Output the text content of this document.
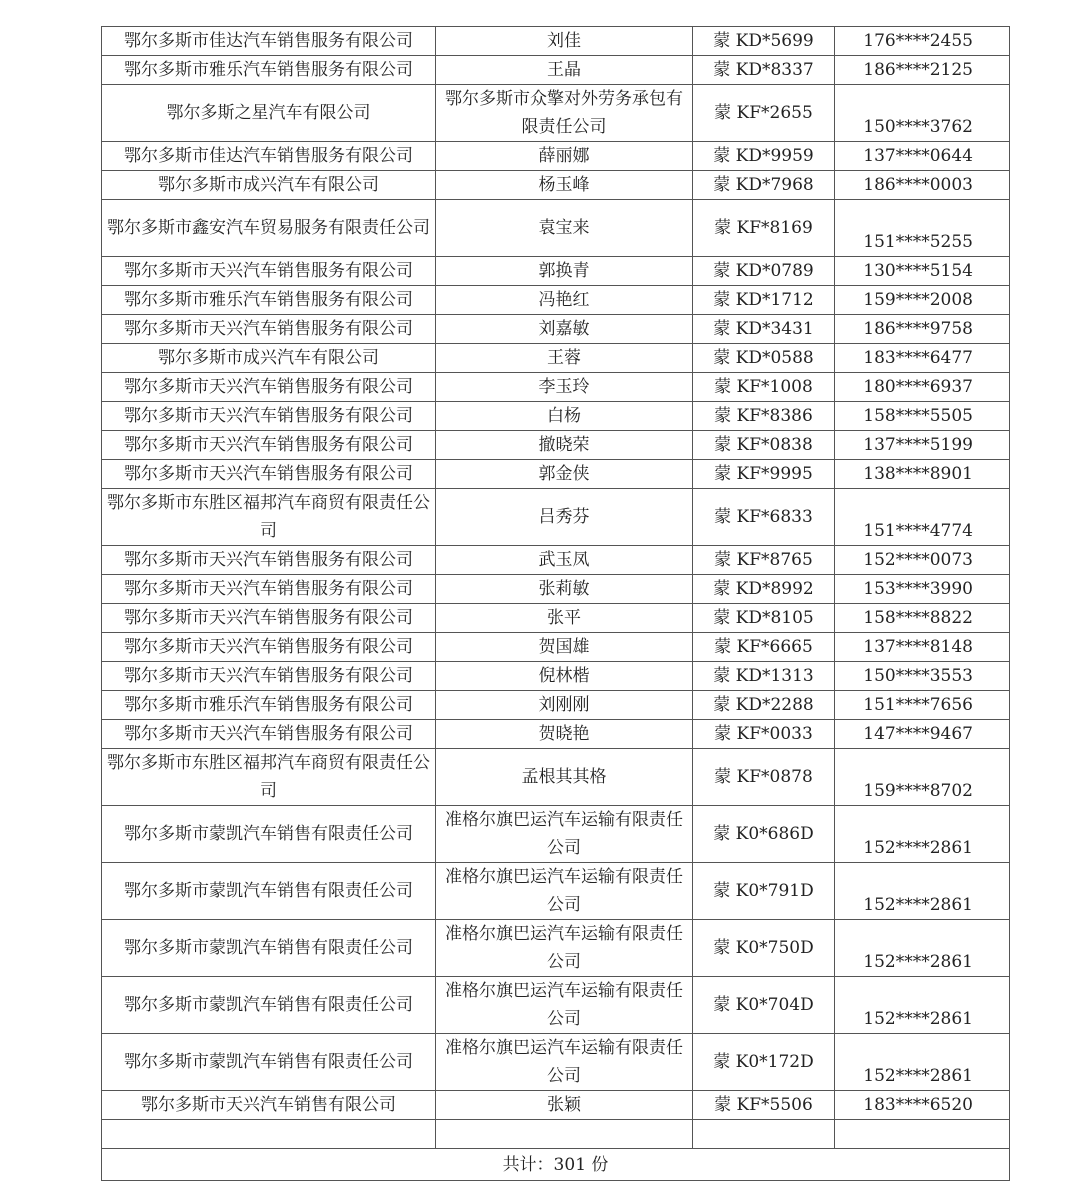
鄂尔多斯市佳达汽车销售服务有限公司	刘佳	蒙 KD*5699	176****2455
鄂尔多斯市雅乐汽车销售服务有限公司	王晶	蒙 KD*8337	186****2125
鄂尔多斯之星汽车有限公司	鄂尔多斯市众擎对外劳务承包有限责任公司	蒙 KF*2655	150****3762
鄂尔多斯市佳达汽车销售服务有限公司	薛丽娜	蒙 KD*9959	137****0644
鄂尔多斯市成兴汽车有限公司	杨玉峰	蒙 KD*7968	186****0003
鄂尔多斯市鑫安汽车贸易服务有限责任公司	袁宝来	蒙 KF*8169	151****5255
鄂尔多斯市天兴汽车销售服务有限公司	郭换青	蒙 KD*0789	130****5154
鄂尔多斯市雅乐汽车销售服务有限公司	冯艳红	蒙 KD*1712	159****2008
鄂尔多斯市天兴汽车销售服务有限公司	刘嘉敏	蒙 KD*3431	186****9758
鄂尔多斯市成兴汽车有限公司	王蓉	蒙 KD*0588	183****6477
鄂尔多斯市天兴汽车销售服务有限公司	李玉玲	蒙 KF*1008	180****6937
鄂尔多斯市天兴汽车销售服务有限公司	白杨	蒙 KF*8386	158****5505
鄂尔多斯市天兴汽车销售服务有限公司	撤晓荣	蒙 KF*0838	137****5199
鄂尔多斯市天兴汽车销售服务有限公司	郭金侠	蒙 KF*9995	138****8901
鄂尔多斯市东胜区福邦汽车商贸有限责任公司	吕秀芬	蒙 KF*6833	151****4774
鄂尔多斯市天兴汽车销售服务有限公司	武玉凤	蒙 KF*8765	152****0073
鄂尔多斯市天兴汽车销售服务有限公司	张莉敏	蒙 KD*8992	153****3990
鄂尔多斯市天兴汽车销售服务有限公司	张平	蒙 KD*8105	158****8822
鄂尔多斯市天兴汽车销售服务有限公司	贺国雄	蒙 KF*6665	137****8148
鄂尔多斯市天兴汽车销售服务有限公司	倪林楷	蒙 KD*1313	150****3553
鄂尔多斯市雅乐汽车销售服务有限公司	刘刚刚	蒙 KD*2288	151****7656
鄂尔多斯市天兴汽车销售服务有限公司	贺晓艳	蒙 KF*0033	147****9467
鄂尔多斯市东胜区福邦汽车商贸有限责任公司	孟根其其格	蒙 KF*0878	159****8702
鄂尔多斯市蒙凯汽车销售有限责任公司	准格尔旗巴运汽车运输有限责任公司	蒙 K0*686D	152****2861
鄂尔多斯市蒙凯汽车销售有限责任公司	准格尔旗巴运汽车运输有限责任公司	蒙 K0*791D	152****2861
鄂尔多斯市蒙凯汽车销售有限责任公司	准格尔旗巴运汽车运输有限责任公司	蒙 K0*750D	152****2861
鄂尔多斯市蒙凯汽车销售有限责任公司	准格尔旗巴运汽车运输有限责任公司	蒙 K0*704D	152****2861
鄂尔多斯市蒙凯汽车销售有限责任公司	准格尔旗巴运汽车运输有限责任公司	蒙 K0*172D	152****2861
鄂尔多斯市天兴汽车销售有限公司	张颖	蒙 KF*5506	183****6520

共计：301 份			
